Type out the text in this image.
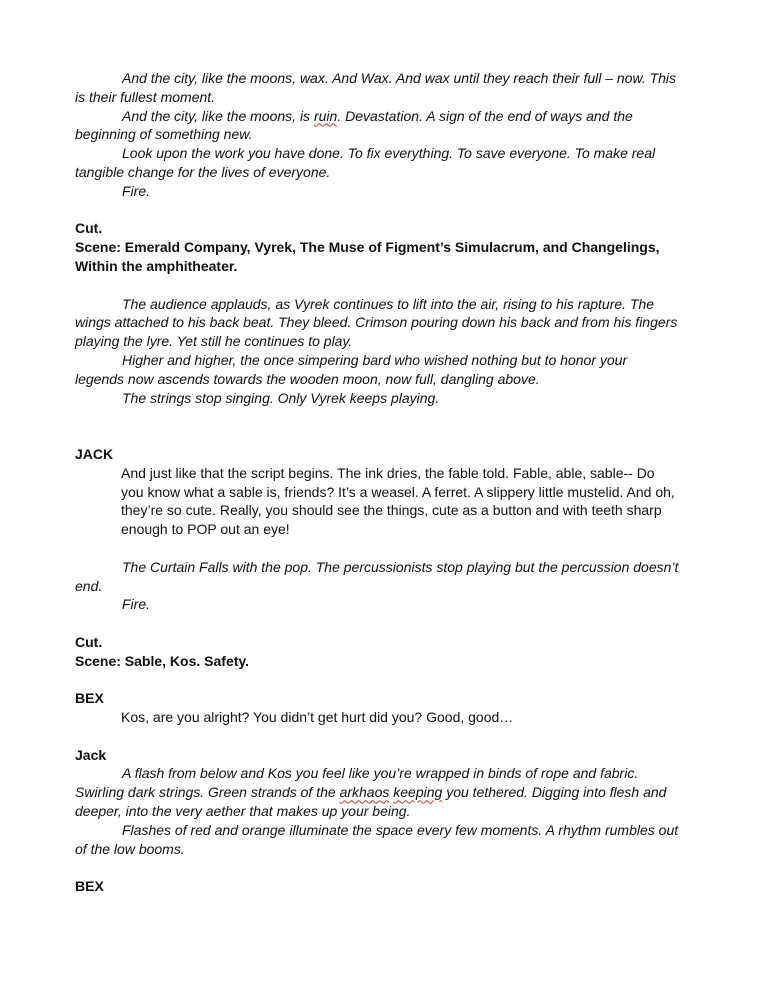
And the city, like the moons, wax. And Wax. And wax until they reach their full – now. This is their fullest moment.

And the city, like the moons, is ruin. Devastation. A sign of the end of ways and the beginning of something new.

Look upon the work you have done. To fix everything. To save everyone. To make real tangible change for the lives of everyone.

Fire.

Cut.

Scene: Emerald Company, Vyrek, The Muse of Figment’s Simulacrum, and Changelings, Within the amphitheater.

The audience applauds, as Vyrek continues to lift into the air, rising to his rapture. The wings attached to his back beat. They bleed. Crimson pouring down his back and from his fingers playing the lyre. Yet still he continues to play.

Higher and higher, the once simpering bard who wished nothing but to honor your legends now ascends towards the wooden moon, now full, dangling above.

The strings stop singing. Only Vyrek keeps playing.

JACK

And just like that the script begins. The ink dries, the fable told. Fable, able, sable-- Do you know what a sable is, friends? It’s a weasel. A ferret. A slippery little mustelid. And oh, they’re so cute. Really, you should see the things, cute as a button and with teeth sharp enough to POP out an eye!

The Curtain Falls with the pop. The percussionists stop playing but the percussion doesn’t end.

Fire.

Cut.

Scene: Sable, Kos. Safety.

BEX

Kos, are you alright? You didn’t get hurt did you? Good, good…

Jack

A flash from below and Kos you feel like you’re wrapped in binds of rope and fabric. Swirling dark strings. Green strands of the arkhaos keeping you tethered. Digging into flesh and deeper, into the very aether that makes up your being.

Flashes of red and orange illuminate the space every few moments. A rhythm rumbles out of the low booms.

BEX
